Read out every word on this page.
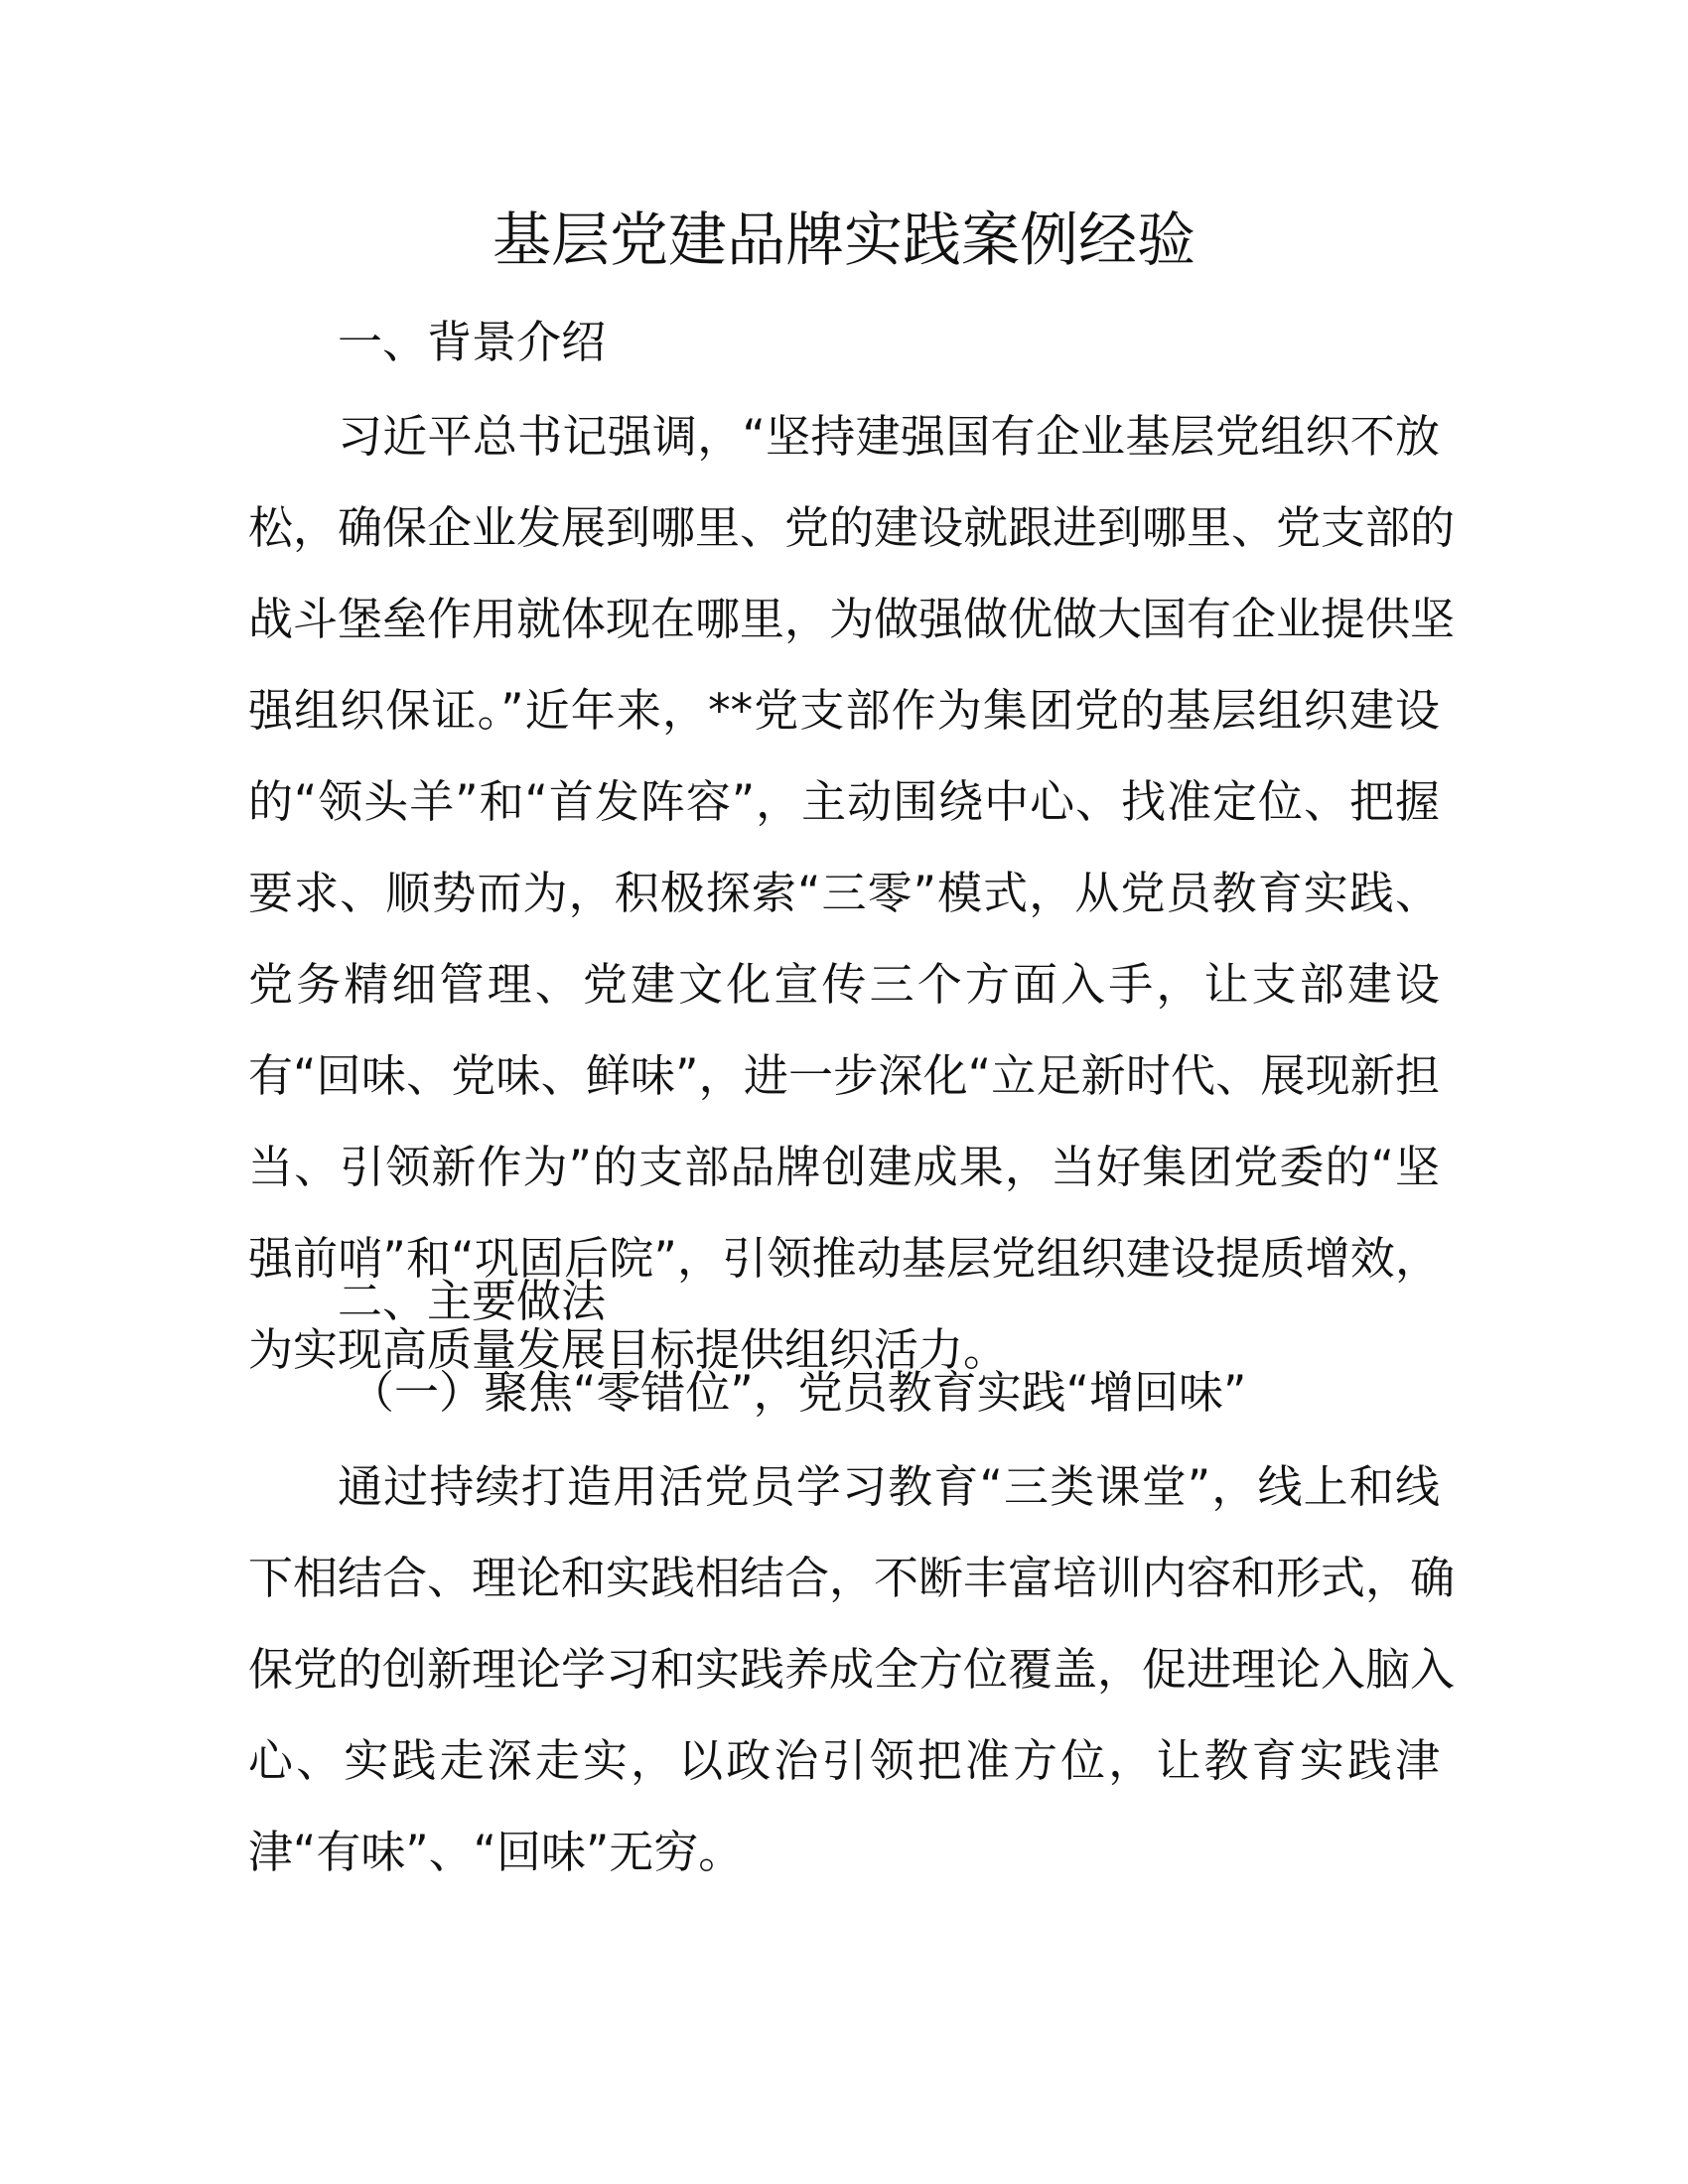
基层党建品牌实践案例经验
一、背景介绍
习近平总书记强调，“坚持建强国有企业基层党组织不放
松，确保企业发展到哪里、党的建设就跟进到哪里、党支部的
战斗堡垒作用就体现在哪里，为做强做优做大国有企业提供坚
强组织保证。”近年来，**党支部作为集团党的基层组织建设
的“领头羊”和“首发阵容”，主动围绕中心、找准定位、把握
要求、顺势而为，积极探索“三零”模式，从党员教育实践、
党务精细管理、党建文化宣传三个方面入手，让支部建设
有“回味、党味、鲜味”，进一步深化“立足新时代、展现新担
当、引领新作为”的支部品牌创建成果，当好集团党委的“坚
强前哨”和“巩固后院”，引领推动基层党组织建设提质增效，
为实现高质量发展目标提供组织活力。
二、主要做法
（一）聚焦“零错位”，党员教育实践“增回味”
通过持续打造用活党员学习教育“三类课堂”，线上和线
下相结合、理论和实践相结合，不断丰富培训内容和形式，确
保党的创新理论学习和实践养成全方位覆盖，促进理论入脑入
心、实践走深走实，以政治引领把准方位，让教育实践津
津“有味”、“回味”无穷。
